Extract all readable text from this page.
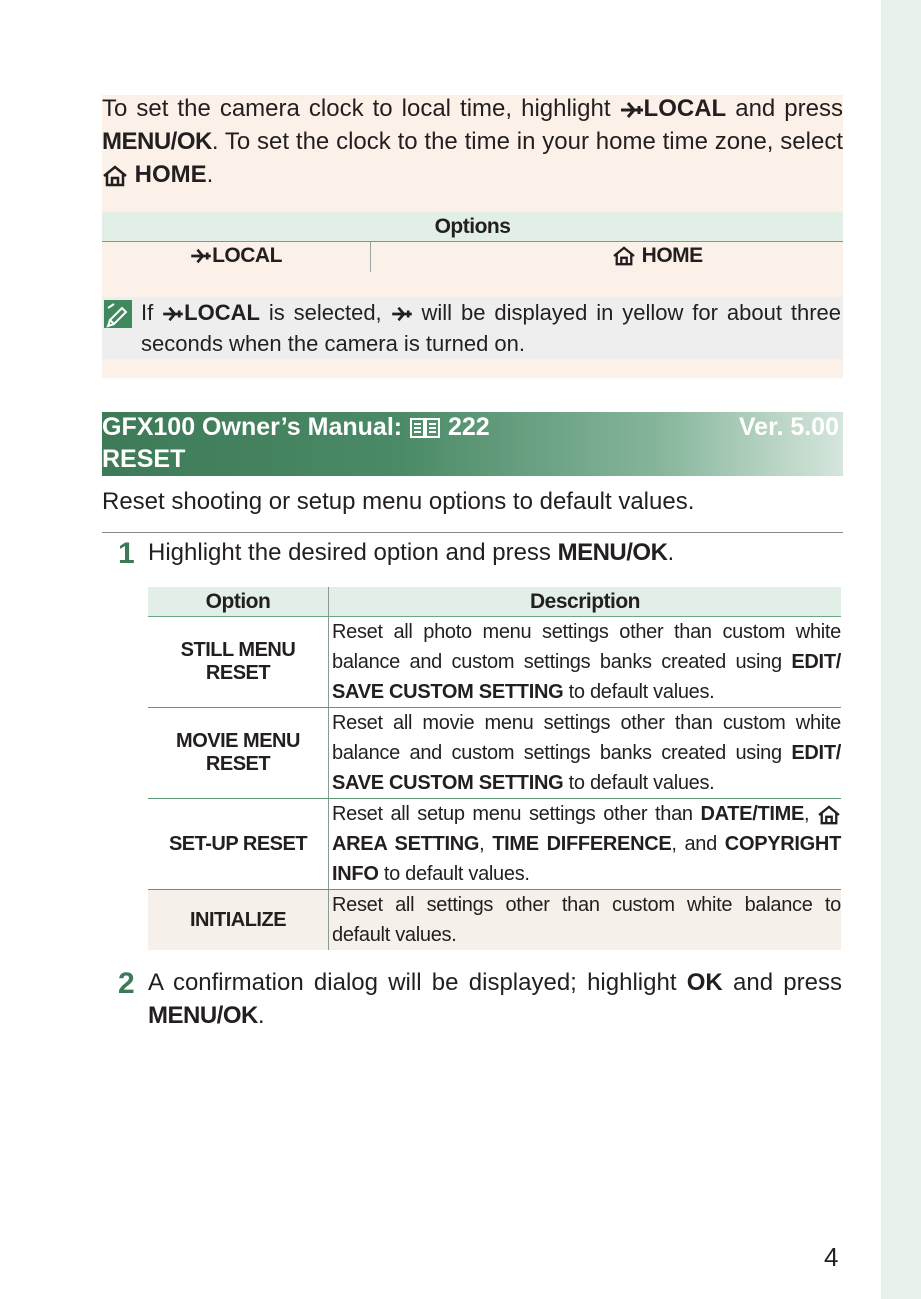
To set the camera clock to local time, highlight LOCAL and press MENU/OK. To set the clock to the time in your home time zone, select  HOME.
Options
LOCAL	HOME
If LOCAL is selected,  will be displayed in yellow for about three seconds when the camera is turned on.
GFX100 Owner’s Manual: 222	Ver. 5.00
RESET
Reset shooting or setup menu options to default values.
1 Highlight the desired option and press MENU/OK.
Option	Description
STILL MENU RESET	Reset all photo menu settings other than custom white balance and custom settings banks created using EDIT/ SAVE CUSTOM SETTING to default values.
MOVIE MENU RESET	Reset all movie menu settings other than custom white balance and custom settings banks created using EDIT/ SAVE CUSTOM SETTING to default values.
SET-UP RESET	Reset all setup menu settings other than DATE/TIME,  AREA SETTING, TIME DIFFERENCE, and COPYRIGHT INFO to default values.
INITIALIZE	Reset all settings other than custom white balance to default values.
2 A confirmation dialog will be displayed; highlight OK and press MENU/OK.
4
